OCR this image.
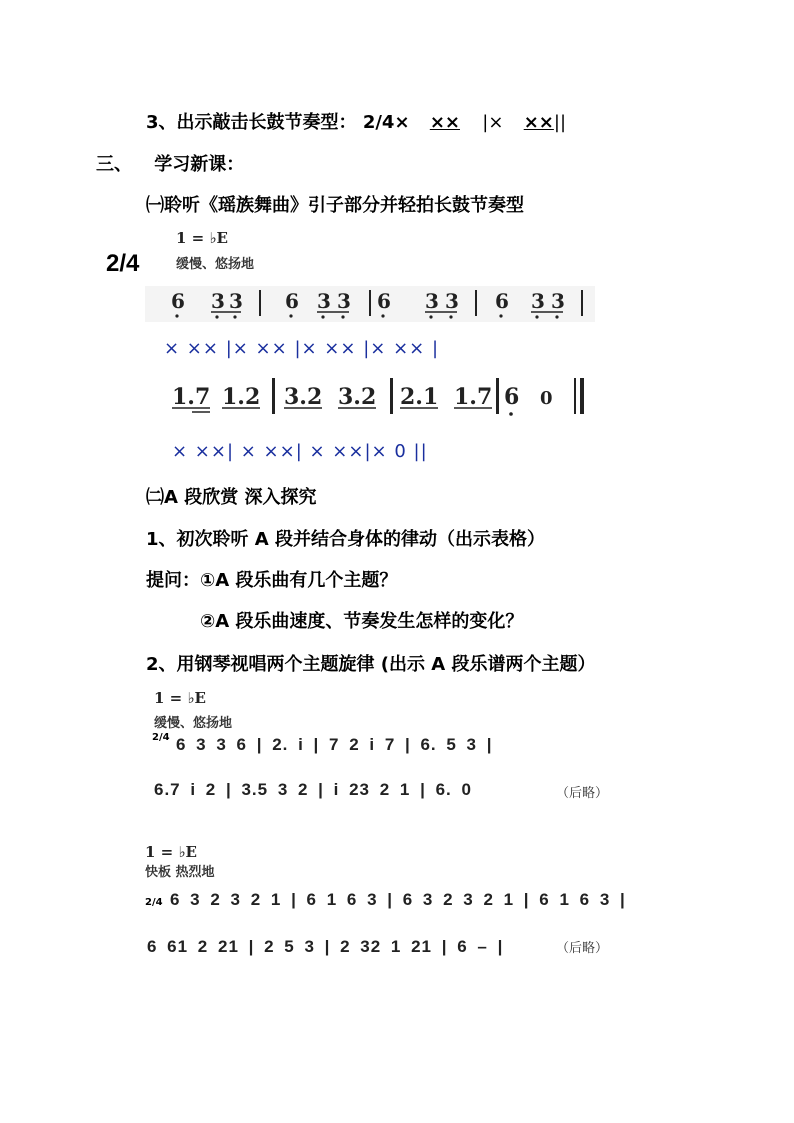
3、出示敲击长鼓节奏型： 2/4× ×× |× ××||
三、 学习新课：
㈠聆听《瑶族舞曲》引子部分并轻拍长鼓节奏型
1 = ♭E
缓慢、悠扬地
2/4
6 3 3 6 3 3 6 3 3 6 3 3
× ×× |× ×× |× ×× |× ×× |
1.7 1.2 3.2 3.2 2.1 1.7 6 0
× ××| × ××| × ××|× 0 ||
㈡A 段欣赏 深入探究
1、初次聆听 A 段并结合身体的律动（出示表格）
提问：①A 段乐曲有几个主题？
②A 段乐曲速度、节奏发生怎样的变化？
2、用钢琴视唱两个主题旋律 (出示 A 段乐谱两个主题）
1 = ♭E
缓慢、悠扬地
2/4 6 3 3 6 | 2. i | 7 2 i 7 | 6. 5 3 |
6.7 i 2 | 3.5 3 2 | i 23 2 1 | 6. 0	（后略）
1 = ♭E
快板 热烈地
2/4 6 3 2 3 2 1 | 6 1 6 3 | 6 3 2 3 2 1 | 6 1 6 3 |
6 61 2 21 | 2 5 3 | 2 32 1 21 | 6 – |	（后略）
